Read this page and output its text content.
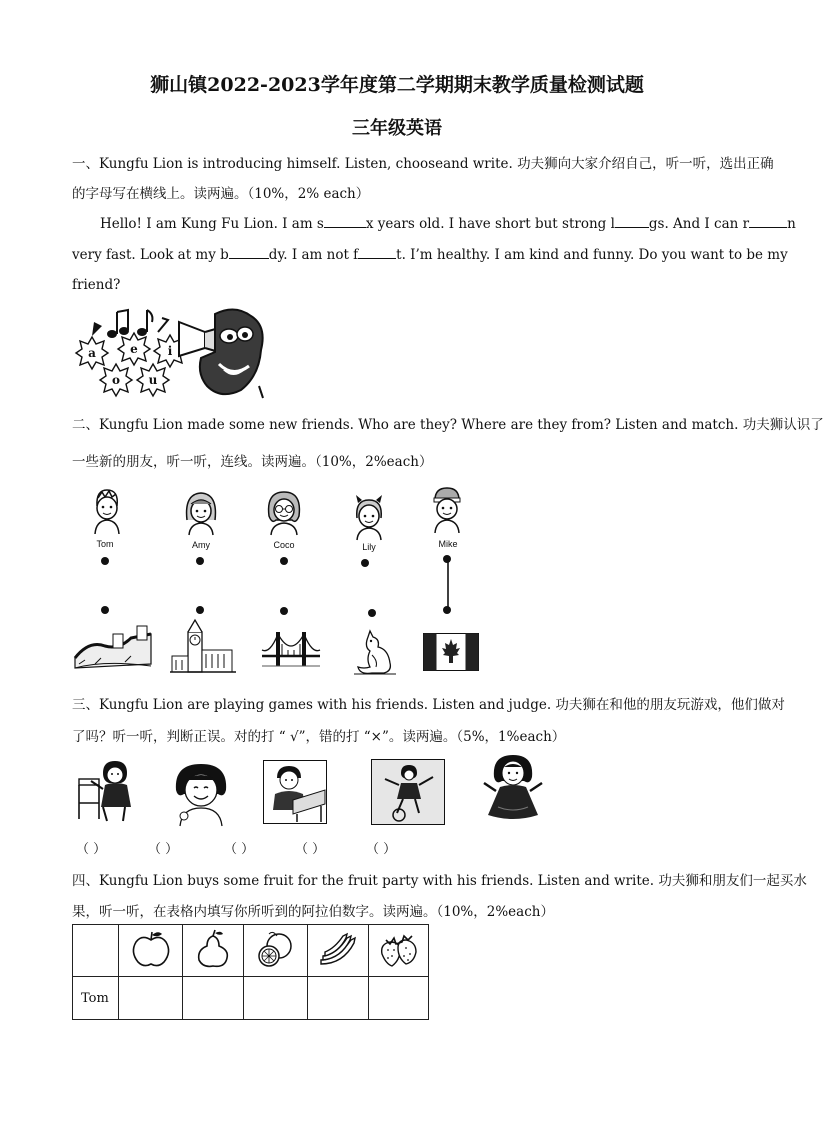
狮山镇2022-2023学年度第二学期期末教学质量检测试题
三年级英语
一、Kungfu Lion is introducing himself. Listen, chooseand write. 功夫狮向大家介绍自己，听一听，选出正确
的字母写在横线上。读两遍。（10%，2% each）
Hello! I am Kung Fu Lion. I am s	x years old. I have short but strong l	gs. And I can r	n
very fast. Look at my b	dy. I am not f	t. I’m healthy. I am kind and funny. Do you want to be my
friend?
a	e	i
o	u
二、Kungfu Lion made some new friends. Who are they? Where are they from? Listen and match. 功夫狮认识了
一些新的朋友，听一听，连线。读两遍。（10%，2%each）
Tom	Amy	Coco	Lily	Mike
三、Kungfu Lion are playing games with his friends. Listen and judge. 功夫狮在和他的朋友玩游戏，他们做对
了吗？听一听，判断正误。对的打 “ √”，错的打 “×”。读两遍。（5%，1%each）
（ ）	（ ）	（ ）	（ ）	（ ）
四、Kungfu Lion buys some fruit for the fruit party with his friends. Listen and write. 功夫狮和朋友们一起买水
果，听一听，在表格内填写你所听到的阿拉伯数字。读两遍。（10%，2%each）

Tom					
